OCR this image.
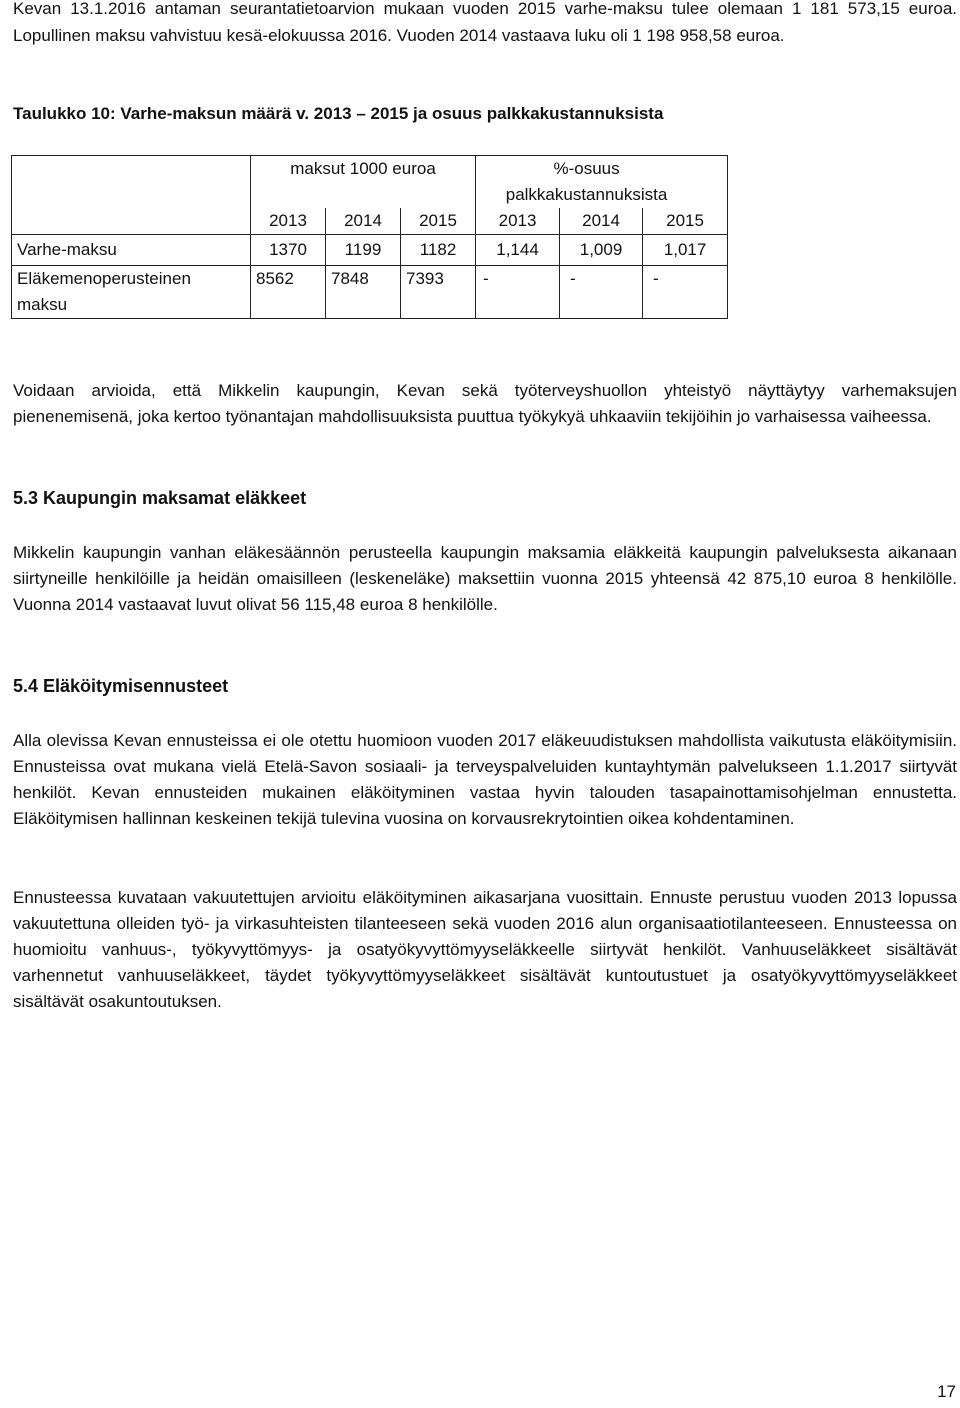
Kevan 13.1.2016 antaman seurantatietoarvion mukaan vuoden 2015 varhe-maksu tulee olemaan 1 181 573,15 euroa. Lopullinen maksu vahvistuu kesä-elokuussa 2016. Vuoden 2014 vastaava luku oli 1 198 958,58 euroa.

Taulukko 10: Varhe-maksun määrä v. 2013 – 2015 ja osuus palkkakustannuksista

	maksut 1000 euroa			%-osuus palkkakustannuksista		
	2013	2014	2015	2013	2014	2015
Varhe-maksu	1370	1199	1182	1,144	1,009	1,017
Eläkemenoperusteinen maksu	8562	7848	7393	-	-	-

Voidaan arvioida, että Mikkelin kaupungin, Kevan sekä työterveyshuollon yhteistyö näyttäytyy varhemaksujen pienenemisenä, joka kertoo työnantajan mahdollisuuksista puuttua työkykyä uhkaaviin tekijöihin jo varhaisessa vaiheessa.

5.3 Kaupungin maksamat eläkkeet

Mikkelin kaupungin vanhan eläkesäännön perusteella kaupungin maksamia eläkkeitä kaupungin palveluksesta aikanaan siirtyneille henkilöille ja heidän omaisilleen (leskeneläke) maksettiin vuonna 2015 yhteensä 42 875,10 euroa 8 henkilölle. Vuonna 2014 vastaavat luvut olivat 56 115,48 euroa 8 henkilölle.

5.4 Eläköitymisennusteet

Alla olevissa Kevan ennusteissa ei ole otettu huomioon vuoden 2017 eläkeuudistuksen mahdollista vaikutusta eläköitymisiin. Ennusteissa ovat mukana vielä Etelä-Savon sosiaali- ja terveyspalveluiden kuntayhtymän palvelukseen 1.1.2017 siirtyvät henkilöt. Kevan ennusteiden mukainen eläköityminen vastaa hyvin talouden tasapainottamisohjelman ennustetta. Eläköitymisen hallinnan keskeinen tekijä tulevina vuosina on korvausrekrytointien oikea kohdentaminen.

Ennusteessa kuvataan vakuutettujen arvioitu eläköityminen aikasarjana vuosittain. Ennuste perustuu vuoden 2013 lopussa vakuutettuna olleiden työ- ja virkasuhteisten tilanteeseen sekä vuoden 2016 alun organisaatiotilanteeseen. Ennusteessa on huomioitu vanhuus-, työkyvyttömyys- ja osatyökyvyttömyyseläkkeelle siirtyvät henkilöt. Vanhuuseläkkeet sisältävät varhennetut vanhuuseläkkeet, täydet työkyvyttömyyseläkkeet sisältävät kuntoutustuet ja osatyökyvyttömyyseläkkeet sisältävät osakuntoutuksen.

17
